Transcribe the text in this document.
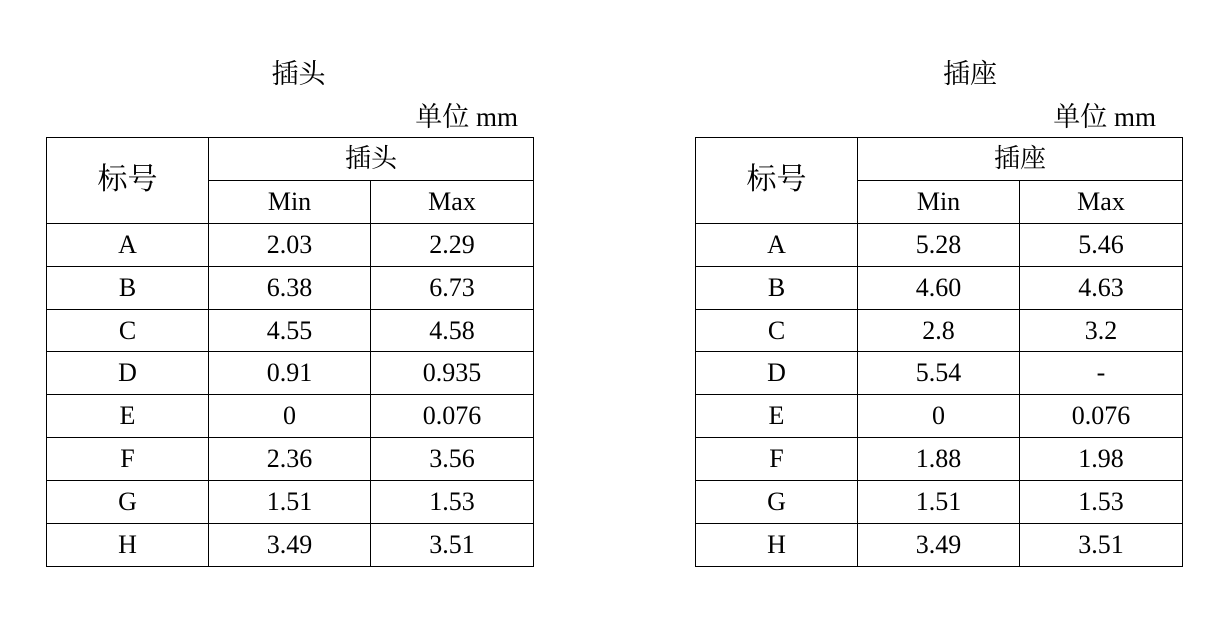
插头
单位 mm
标号	插头	
	Min	Max
A	2.03	2.29
B	6.38	6.73
C	4.55	4.58
D	0.91	0.935
E	0	0.076
F	2.36	3.56
G	1.51	1.53
H	3.49	3.51
插座
单位 mm
标号	插座	
	Min	Max
A	5.28	5.46
B	4.60	4.63
C	2.8	3.2
D	5.54	-
E	0	0.076
F	1.88	1.98
G	1.51	1.53
H	3.49	3.51
